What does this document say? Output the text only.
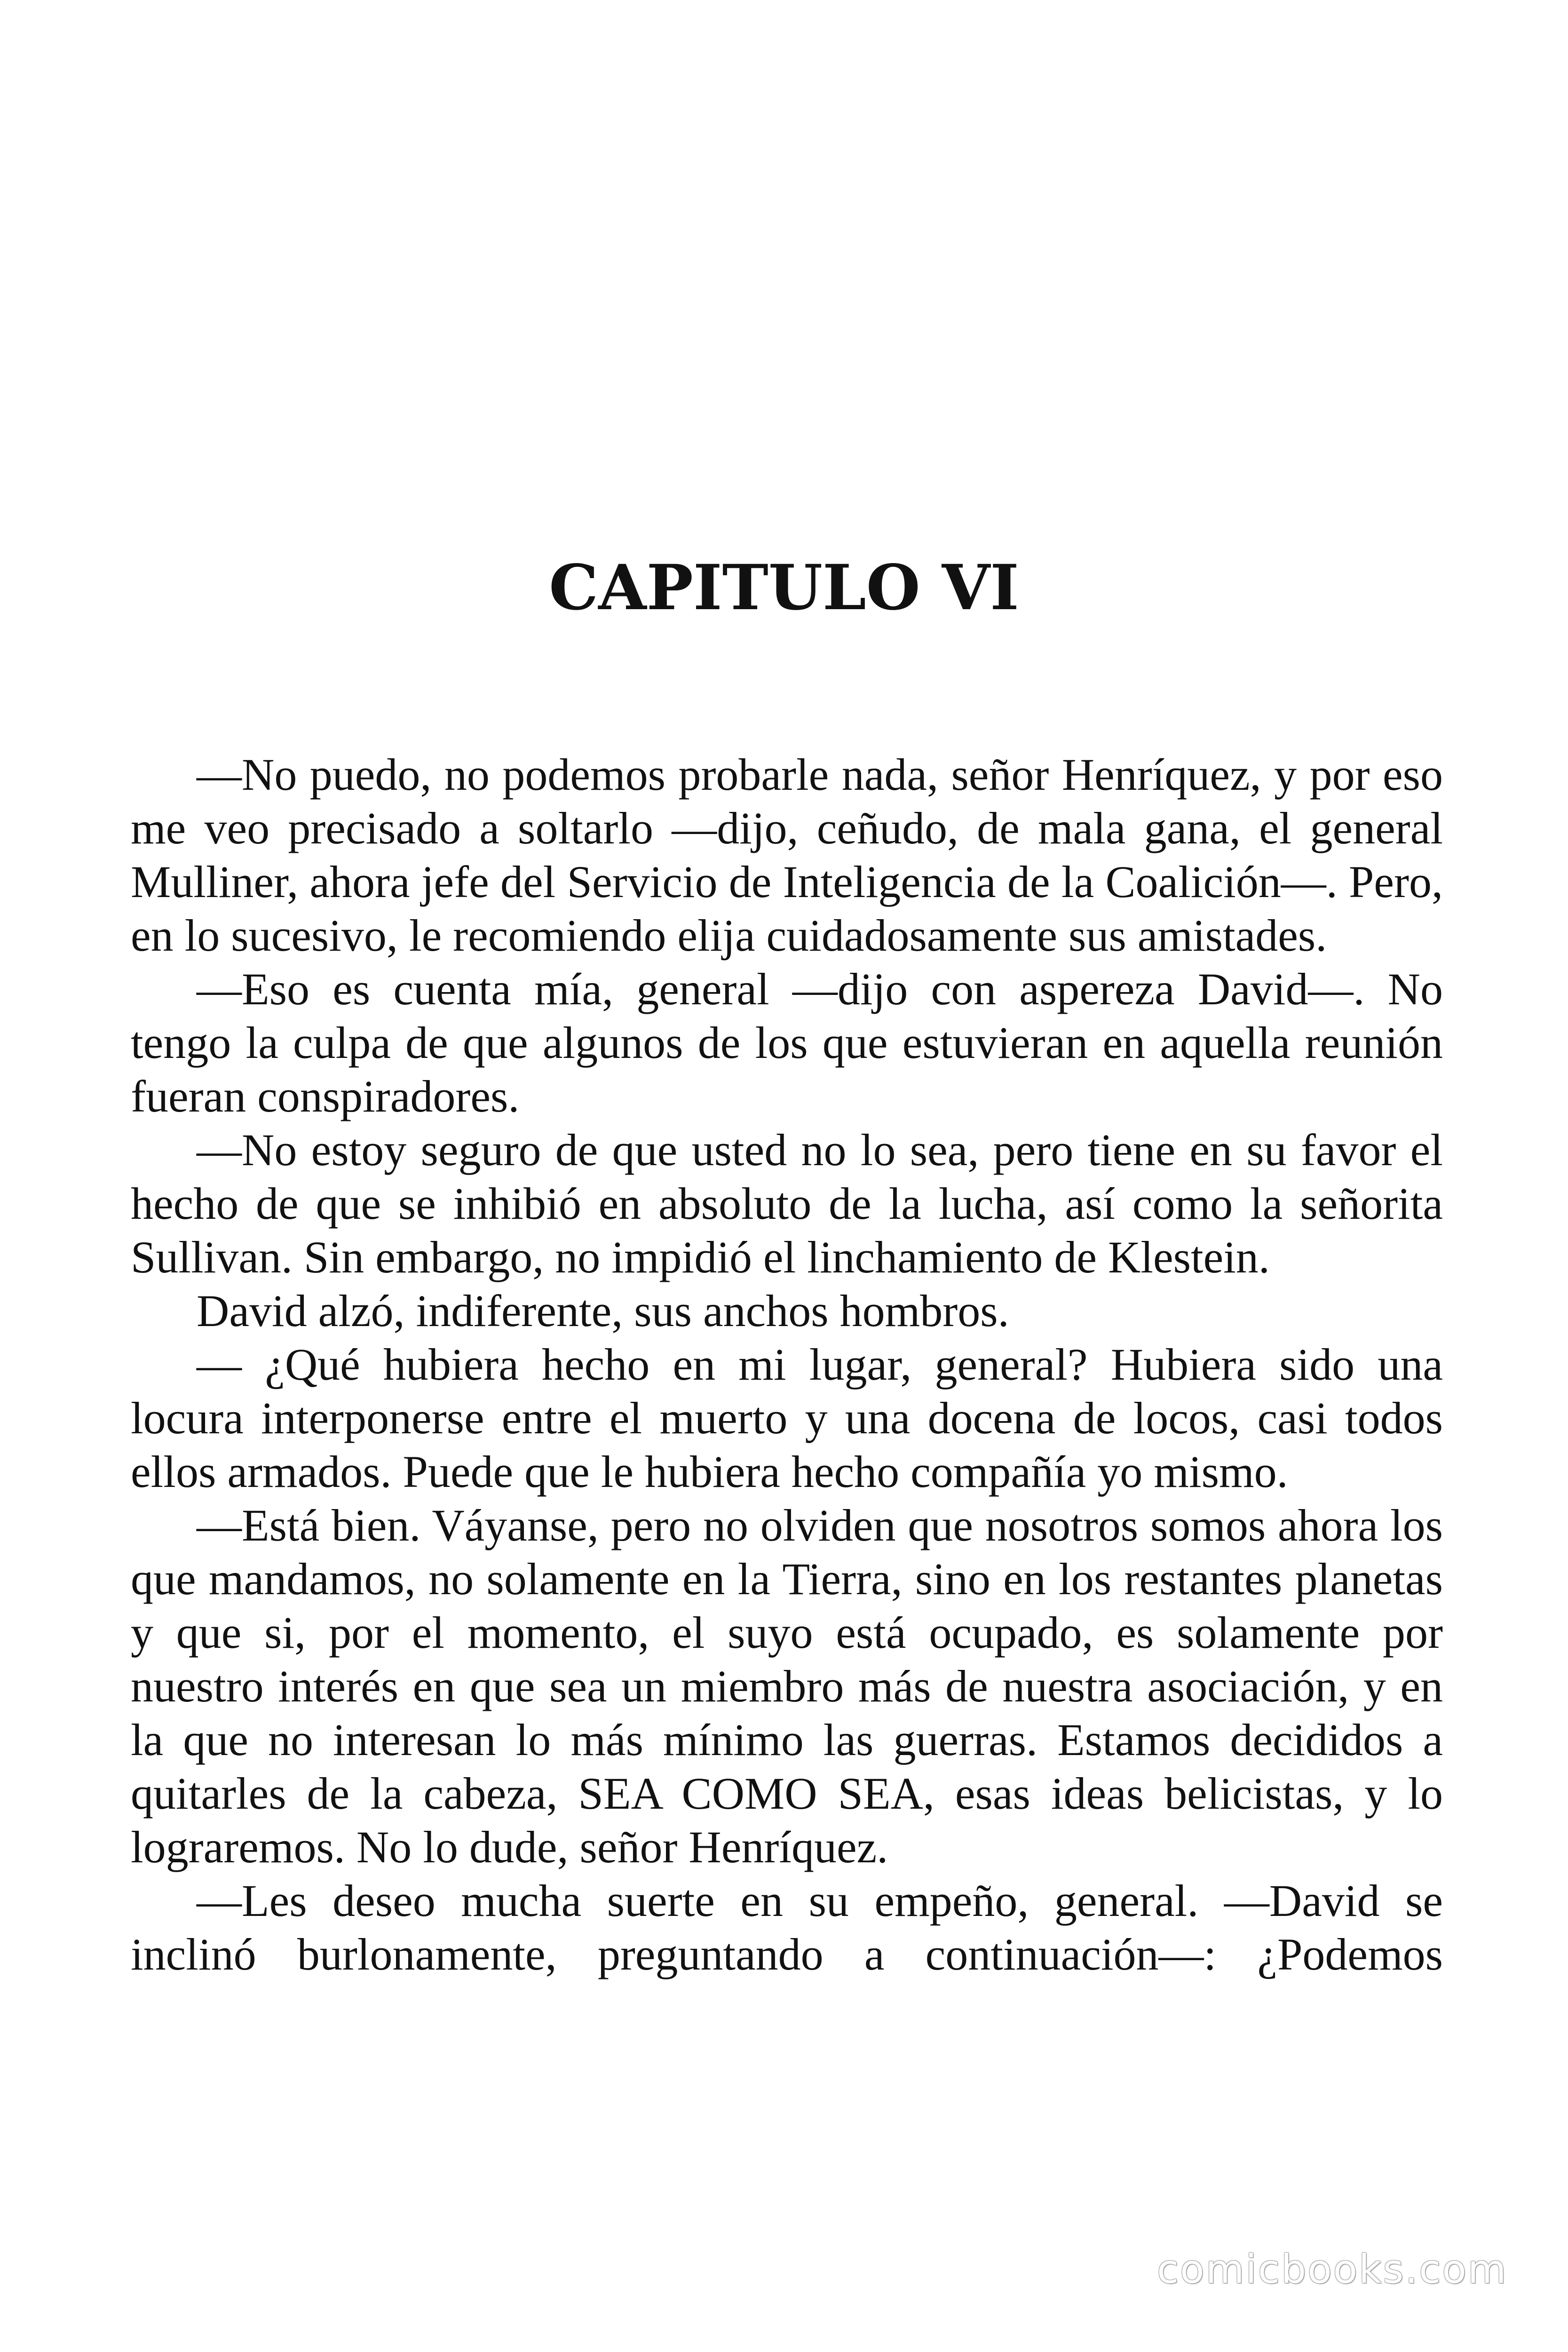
CAPITULO VI

—No puedo, no podemos probarle nada, señor Henríquez, y por eso me veo precisado a soltarlo —dijo, ceñudo, de mala gana, el general Mulliner, ahora jefe del Servicio de Inteligencia de la Coalición—. Pero, en lo sucesivo, le recomiendo elija cuidadosamente sus amistades.

—Eso es cuenta mía, general —dijo con aspereza David—. No tengo la culpa de que algunos de los que estuvieran en aquella reunión fueran conspiradores.

—No estoy seguro de que usted no lo sea, pero tiene en su favor el hecho de que se inhibió en absoluto de la lucha, así como la señorita Sullivan. Sin embargo, no impidió el linchamiento de Klestein.

David alzó, indiferente, sus anchos hombros.

— ¿Qué hubiera hecho en mi lugar, general? Hubiera sido una locura interponerse entre el muerto y una docena de locos, casi todos ellos armados. Puede que le hubiera hecho compañía yo mismo.

—Está bien. Váyanse, pero no olviden que nosotros somos ahora los que mandamos, no solamente en la Tierra, sino en los restantes planetas y que si, por el momento, el suyo está ocupado, es solamente por nuestro interés en que sea un miembro más de nuestra asociación, y en la que no interesan lo más mínimo las guerras. Estamos decididos a quitarles de la cabeza, SEA COMO SEA, esas ideas belicistas, y lo lograremos. No lo dude, señor Henríquez.

—Les deseo mucha suerte en su empeño, general. —David se inclinó burlonamente, preguntando a continuación—: ¿Podemos

comicbooks.com
